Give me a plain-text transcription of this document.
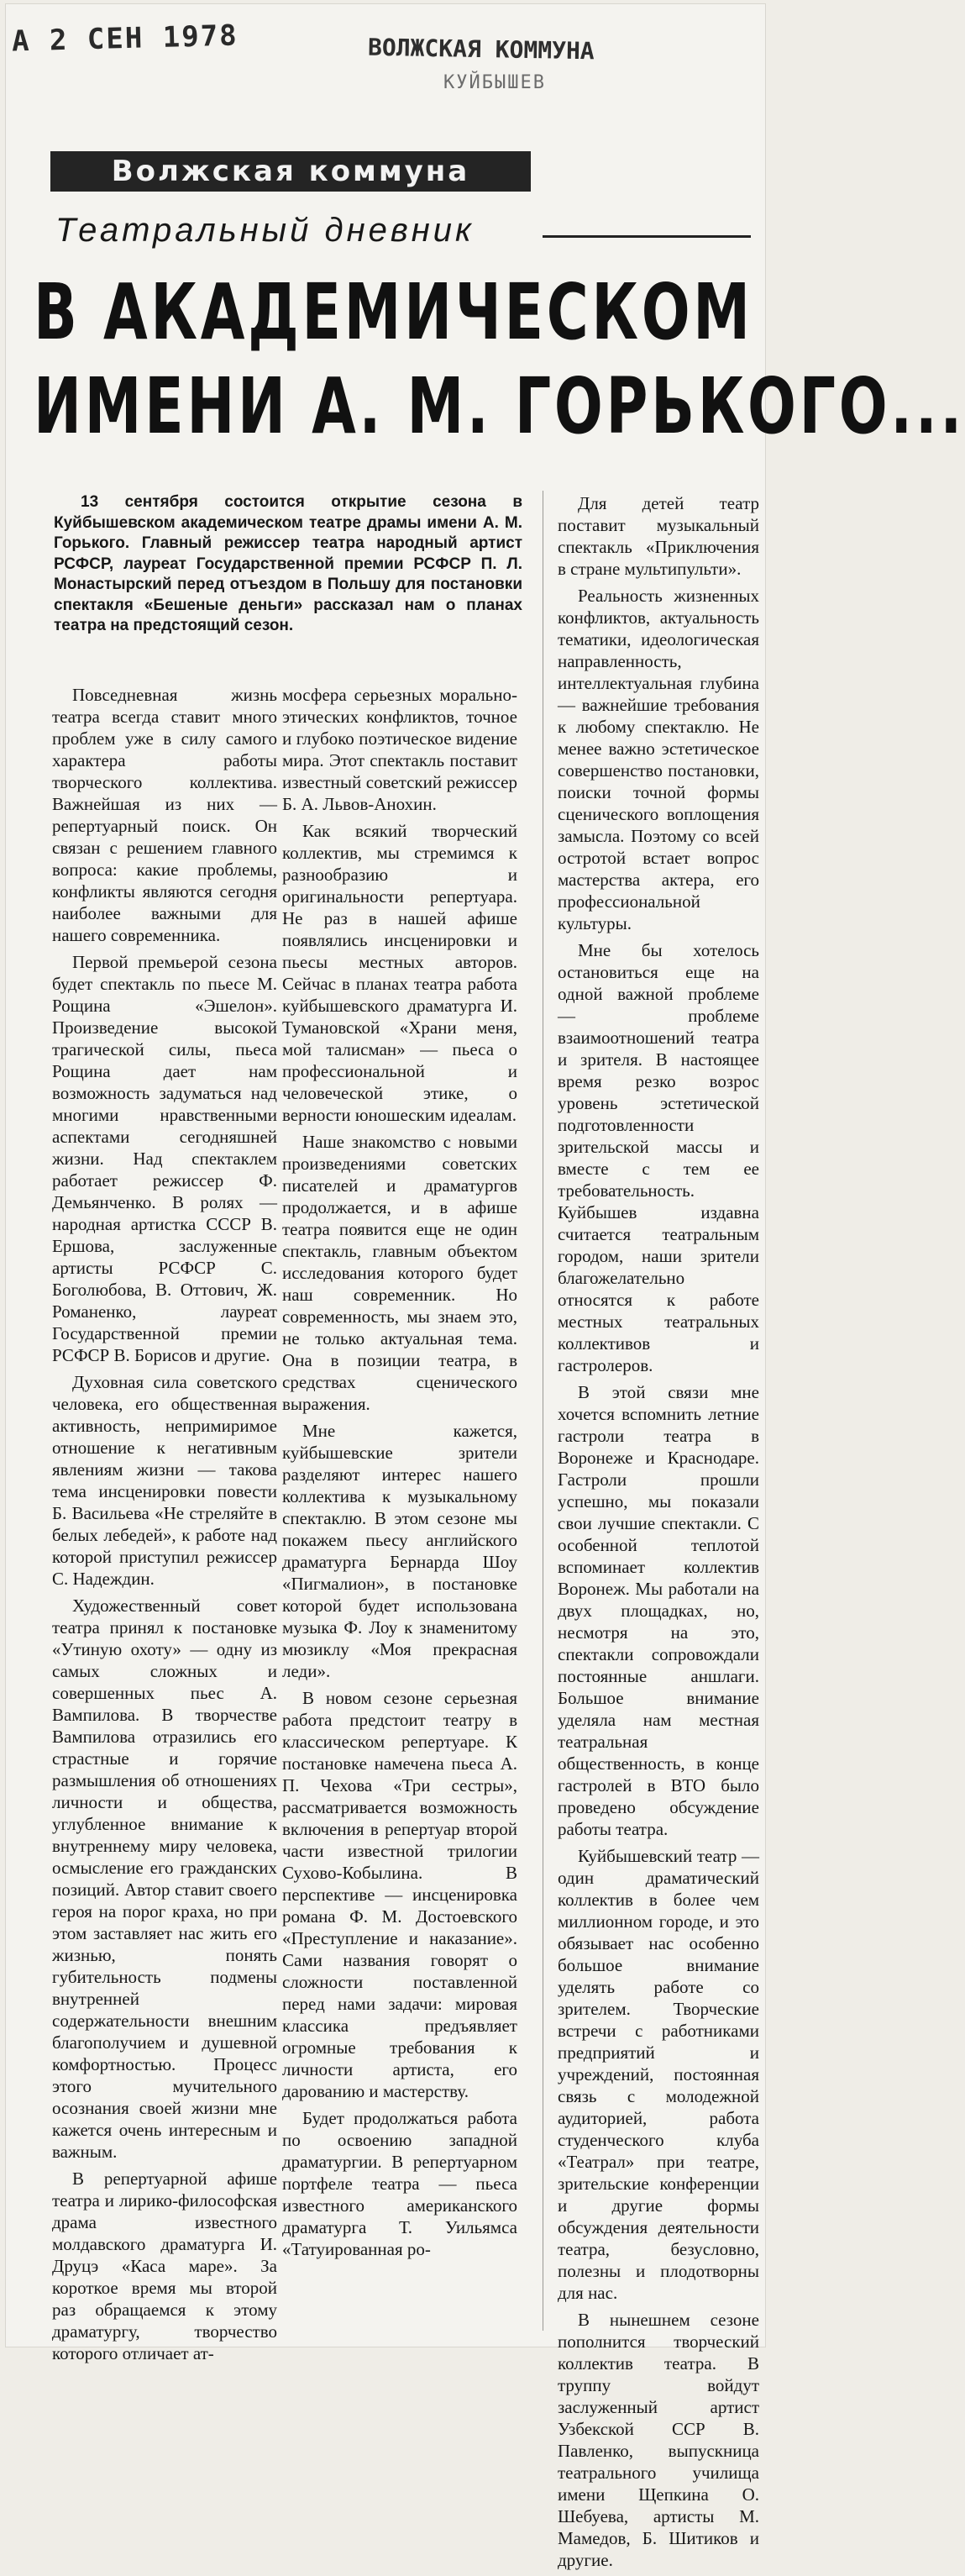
А 2 СЕН 1978	ВОЛЖСКАЯ КОММУНА
КУЙБЫШЕВ
Волжская коммуна
Театральный дневник
В АКАДЕМИЧЕСКОМ
ИМЕНИ А. М. ГОРЬКОГО...

13 сентября состоится открытие сезона в Куйбышевском академическом театре драмы имени А. М. Горького. Главный режиссер театра народный артист РСФСР, лауреат Государственной премии РСФСР П. Л. Монастырский перед отъездом в Польшу для постановки спектакля «Бешеные деньги» рассказал нам о планах театра на предстоящий сезон.

Повседневная жизнь театра всегда ставит много проблем уже в силу самого характера работы творческого коллектива. Важнейшая из них — репертуарный поиск. Он связан с решением главного вопроса: какие проблемы, конфликты являются сегодня наиболее важными для нашего современника.

Первой премьерой сезона будет спектакль по пьесе М. Рощина «Эшелон». Произведение высокой трагической силы, пьеса Рощина дает нам возможность задуматься над многими нравственными аспектами сегодняшней жизни. Над спектаклем работает режиссер Ф. Демьянченко. В ролях — народная артистка СССР В. Ершова, заслуженные артисты РСФСР С. Боголюбова, В. Оттович, Ж. Романенко, лауреат Государственной премии РСФСР В. Борисов и другие.

Духовная сила советского человека, его общественная активность, непримиримое отношение к негативным явлениям жизни — такова тема инсценировки повести Б. Васильева «Не стреляйте в белых лебедей», к работе над которой приступил режиссер С. Надеждин.

Художественный совет театра принял к постановке «Утиную охоту» — одну из самых сложных и совершенных пьес А. Вампилова. В творчестве Вампилова отразились его страстные и горячие размышления об отношениях личности и общества, углубленное внимание к внутреннему миру человека, осмысление его гражданских позиций. Автор ставит своего героя на порог краха, но при этом заставляет нас жить его жизнью, понять губительность подмены внутренней содержательности внешним благополучием и душевной комфортностью. Процесс этого мучительного осознания своей жизни мне кажется очень интересным и важным.

В репертуарной афише театра и лирико-философская драма известного молдавского драматурга И. Друцэ «Каса маре». За короткое время мы второй раз обращаемся к этому драматургу, творчество которого отличает ат-

мосфера серьезных морально-этических конфликтов, точное и глубоко поэтическое видение мира. Этот спектакль поставит известный советский режиссер Б. А. Львов-Анохин.

Как всякий творческий коллектив, мы стремимся к разнообразию и оригинальности репертуара. Не раз в нашей афише появлялись инсценировки и пьесы местных авторов. Сейчас в планах театра работа куйбышевского драматурга И. Тумановской «Храни меня, мой талисман» — пьеса о профессиональной и человеческой этике, о верности юношеским идеалам.

Наше знакомство с новыми произведениями советских писателей и драматургов продолжается, и в афише театра появится еще не один спектакль, главным объектом исследования которого будет наш современник. Но современность, мы знаем это, не только актуальная тема. Она в позиции театра, в средствах сценического выражения.

Мне кажется, куйбышевские зрители разделяют интерес нашего коллектива к музыкальному спектаклю. В этом сезоне мы покажем пьесу английского драматурга Бернарда Шоу «Пигмалион», в постановке которой будет использована музыка Ф. Лоу к знаменитому мюзиклу «Моя прекрасная леди».

В новом сезоне серьезная работа предстоит театру в классическом репертуаре. К постановке намечена пьеса А. П. Чехова «Три сестры», рассматривается возможность включения в репертуар второй части известной трилогии Сухово-Кобылина. В перспективе — инсценировка романа Ф. М. Достоевского «Преступление и наказание». Сами названия говорят о сложности поставленной перед нами задачи: мировая классика предъявляет огромные требования к личности артиста, его дарованию и мастерству.

Будет продолжаться работа по освоению западной драматургии. В репертуарном портфеле театра — пьеса известного американского драматурга Т. Уильямса «Татуированная ро-

Для детей театр поставит музыкальный спектакль «Приключения в стране мультипульти».

Реальность жизненных конфликтов, актуальность тематики, идеологическая направленность, интеллектуальная глубина — важнейшие требования к любому спектаклю. Не менее важно эстетическое совершенство постановки, поиски точной формы сценического воплощения замысла. Поэтому со всей остротой встает вопрос мастерства актера, его профессиональной культуры.

Мне бы хотелось остановиться еще на одной важной проблеме — проблеме взаимоотношений театра и зрителя. В настоящее время резко возрос уровень эстетической подготовленности зрительской массы и вместе с тем ее требовательность. Куйбышев издавна считается театральным городом, наши зрители благожелательно относятся к работе местных театральных коллективов и гастролеров.

В этой связи мне хочется вспомнить летние гастроли театра в Воронеже и Краснодаре. Гастроли прошли успешно, мы показали свои лучшие спектакли. С особенной теплотой вспоминает коллектив Воронеж. Мы работали на двух площадках, но, несмотря на это, спектакли сопровождали постоянные аншлаги. Большое внимание уделяла нам местная театральная общественность, в конце гастролей в ВТО было проведено обсуждение работы театра.

Куйбышевский театр — один драматический коллектив в более чем миллионном городе, и это обязывает нас особенно большое внимание уделять работе со зрителем. Творческие встречи с работниками предприятий и учреждений, постоянная связь с молодежной аудиторией, работа студенческого клуба «Театрал» при театре, зрительские конференции и другие формы обсуждения деятельности театра, безусловно, полезны и плодотворны для нас.

В нынешнем сезоне пополнится творческий коллектив театра. В труппу войдут заслуженный артист Узбекской ССР В. Павленко, выпускница театрального училища имени Щепкина О. Шебуева, артисты М. Мамедов, Б. Шитиков и другие.
